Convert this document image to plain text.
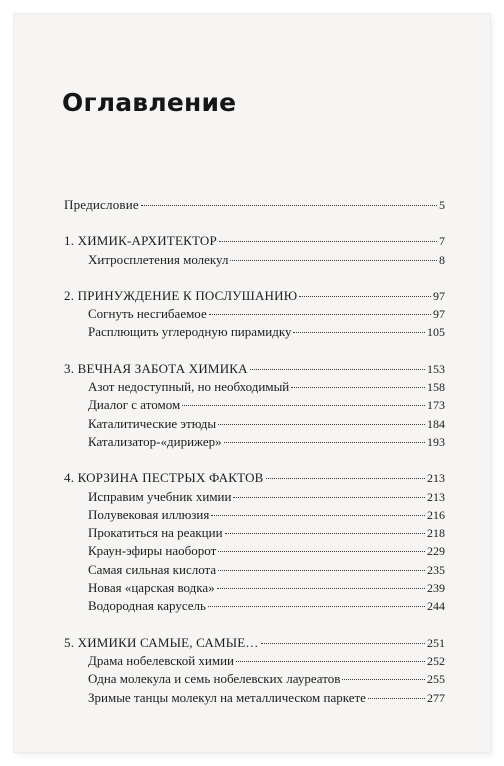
Оглавление
Предисловие	5
1. ХИМИК-АРХИТЕКТОР	7
Хитросплетения молекул	8
2. ПРИНУЖДЕНИЕ К ПОСЛУШАНИЮ	97
Согнуть несгибаемое	97
Расплющить углеродную пирамидку	105
3. ВЕЧНАЯ ЗАБОТА ХИМИКА	153
Азот недоступный, но необходимый	158
Диалог с атомом	173
Каталитические этюды	184
Катализатор-«дирижер»	193
4. КОРЗИНА ПЕСТРЫХ ФАКТОВ	213
Исправим учебник химии	213
Полувековая иллюзия	216
Прокатиться на реакции	218
Краун-эфиры наоборот	229
Самая сильная кислота	235
Новая «царская водка»	239
Водородная карусель	244
5. ХИМИКИ САМЫЕ, САМЫЕ…	251
Драма нобелевской химии	252
Одна молекула и семь нобелевских лауреатов	255
Зримые танцы молекул на металлическом паркете	277
